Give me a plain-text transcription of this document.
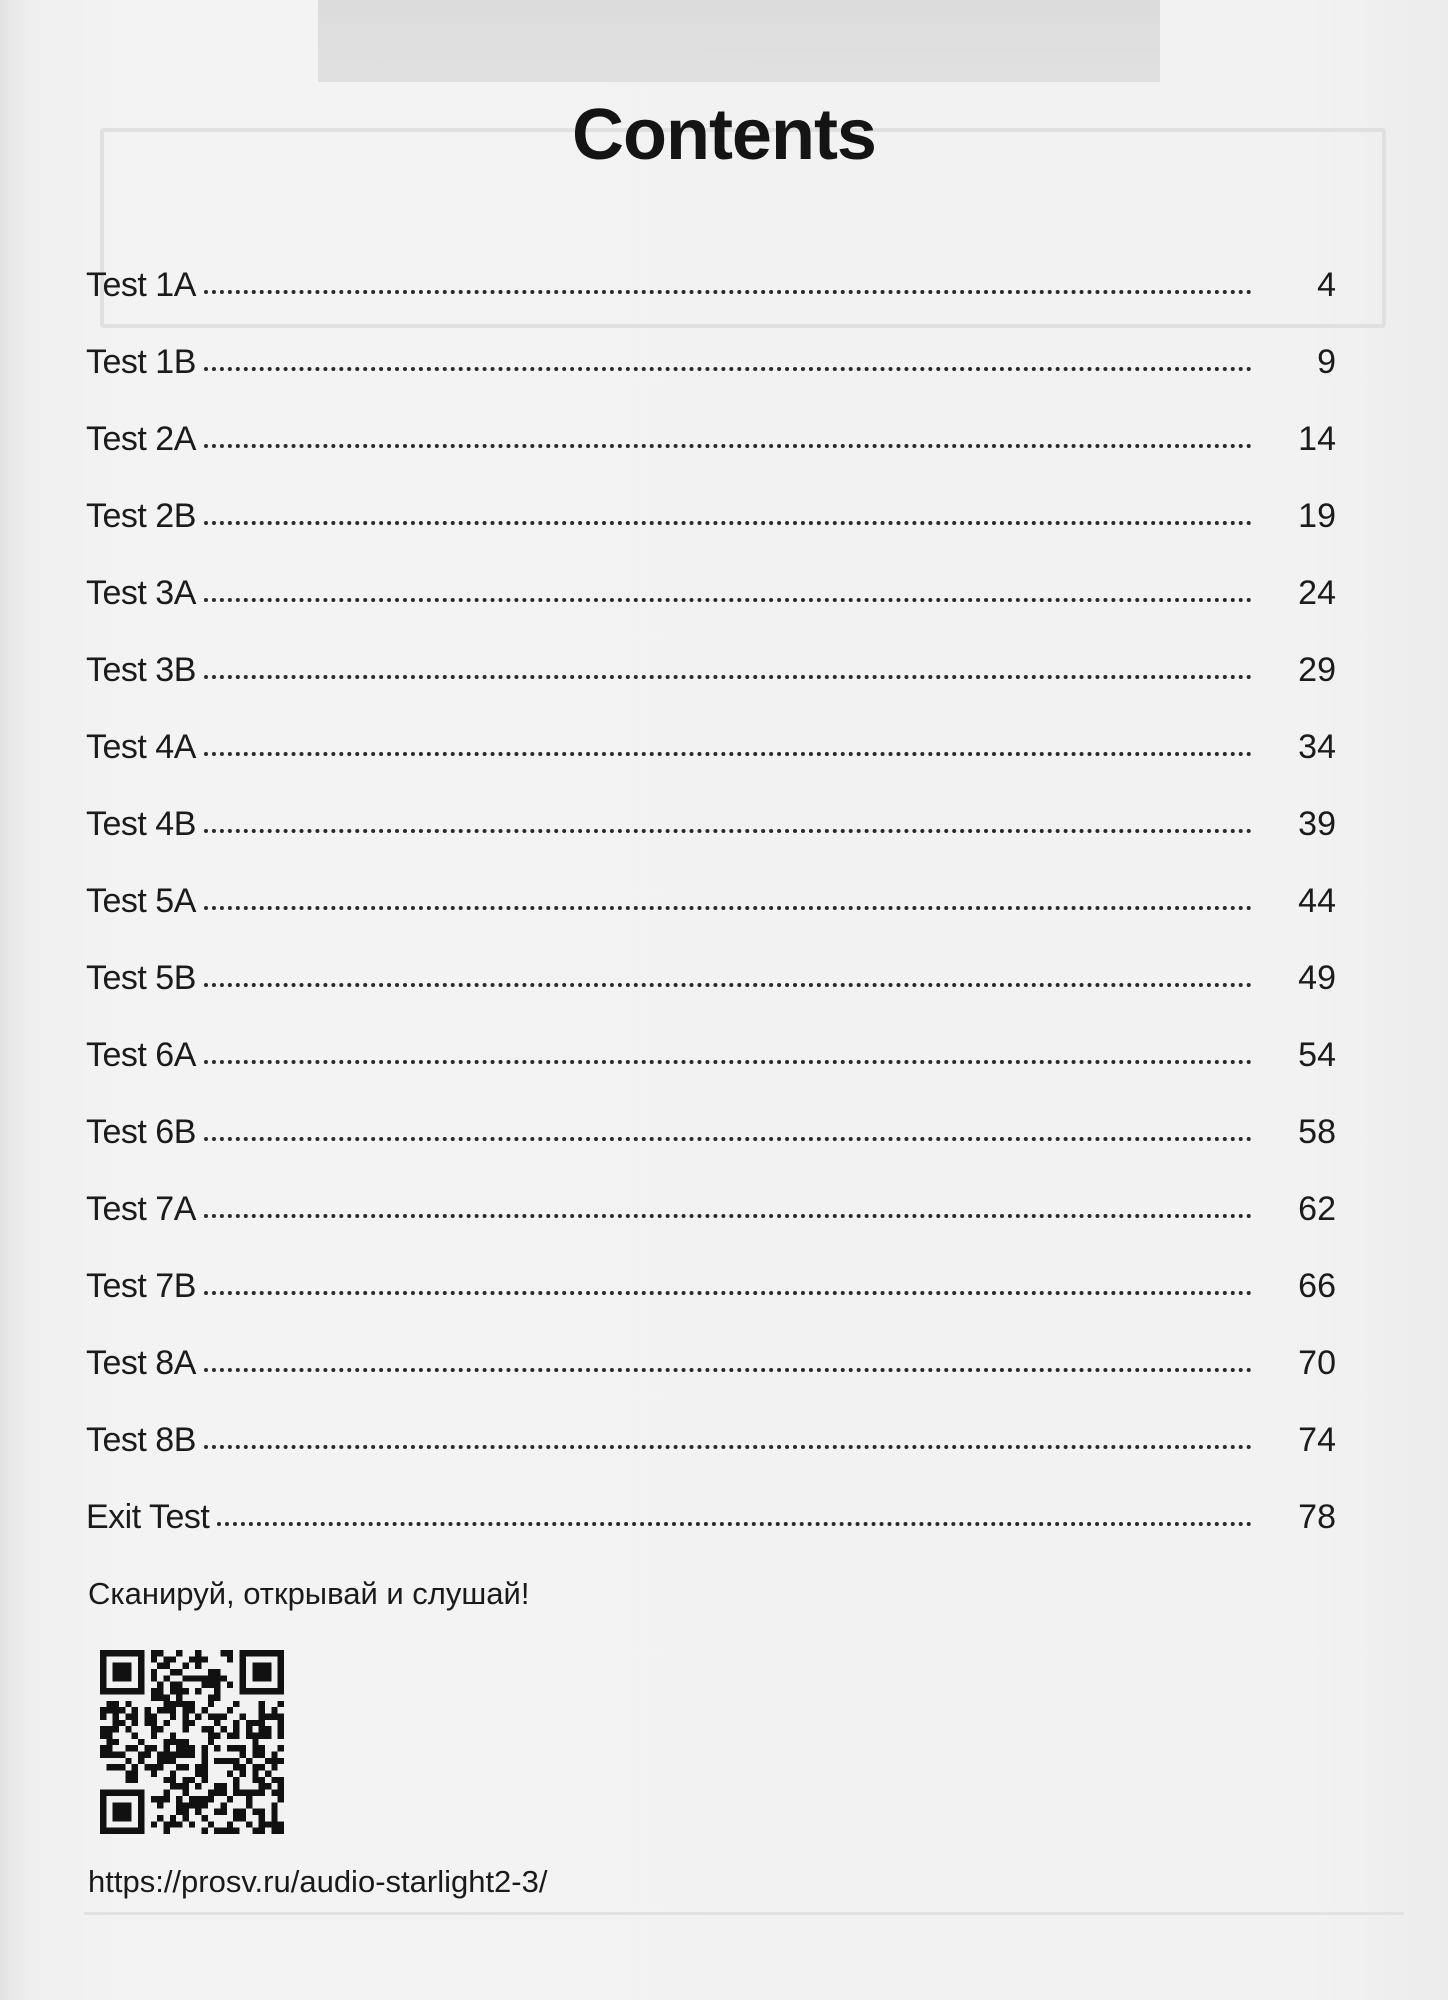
Contents
Test 1A	4
Test 1B	9
Test 2A	14
Test 2B	19
Test 3A	24
Test 3B	29
Test 4A	34
Test 4B	39
Test 5A	44
Test 5B	49
Test 6A	54
Test 6B	58
Test 7A	62
Test 7B	66
Test 8A	70
Test 8B	74
Exit Test	78
Сканируй, открывай и слушай!
https://prosv.ru/audio-starlight2-3/
